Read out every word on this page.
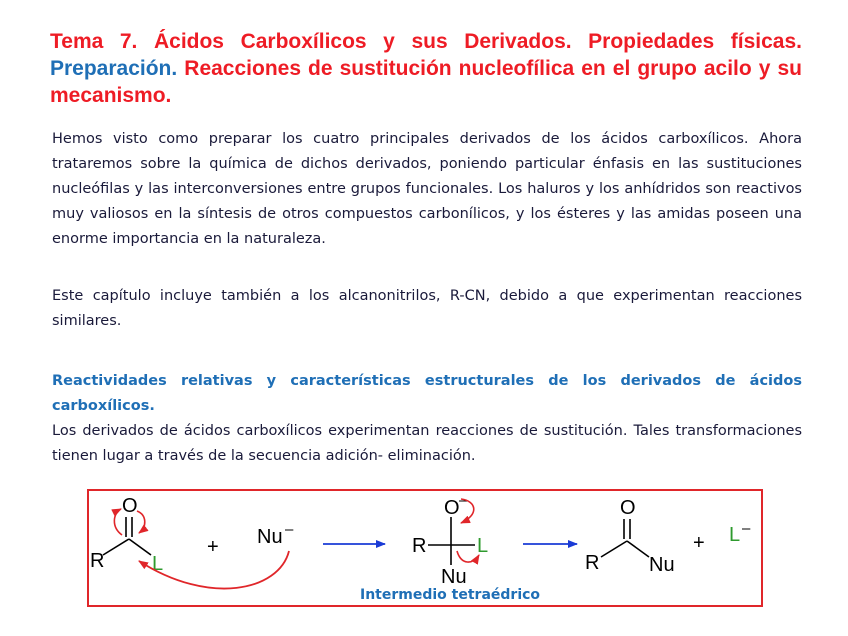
Tema 7. Ácidos Carboxílicos y sus Derivados. Propiedades físicas. Preparación. Reacciones de sustitución nucleofílica en el grupo acilo y su mecanismo.
Hemos visto como preparar los cuatro principales derivados de los ácidos carboxílicos. Ahora trataremos sobre la química de dichos derivados, poniendo particular énfasis en las sustituciones nucleófilas y las interconversiones entre grupos funcionales. Los haluros y los anhídridos son reactivos muy valiosos en la síntesis de otros compuestos carbonílicos, y los ésteres y las amidas poseen una enorme importancia en la naturaleza.
Este capítulo incluye también a los alcanonitrilos, R-CN, debido a que experimentan reacciones similares.
Reactividades relativas y características estructurales de los derivados de ácidos carboxílicos.
Los derivados de ácidos carboxílicos experimentan reacciones de sustitución. Tales transformaciones tienen lugar a través de la secuencia adición- eliminación.
R
O
L
+ Nu –
R
O –
L
Nu
Intermedio tetraédrico
R
O
Nu
+ L –
